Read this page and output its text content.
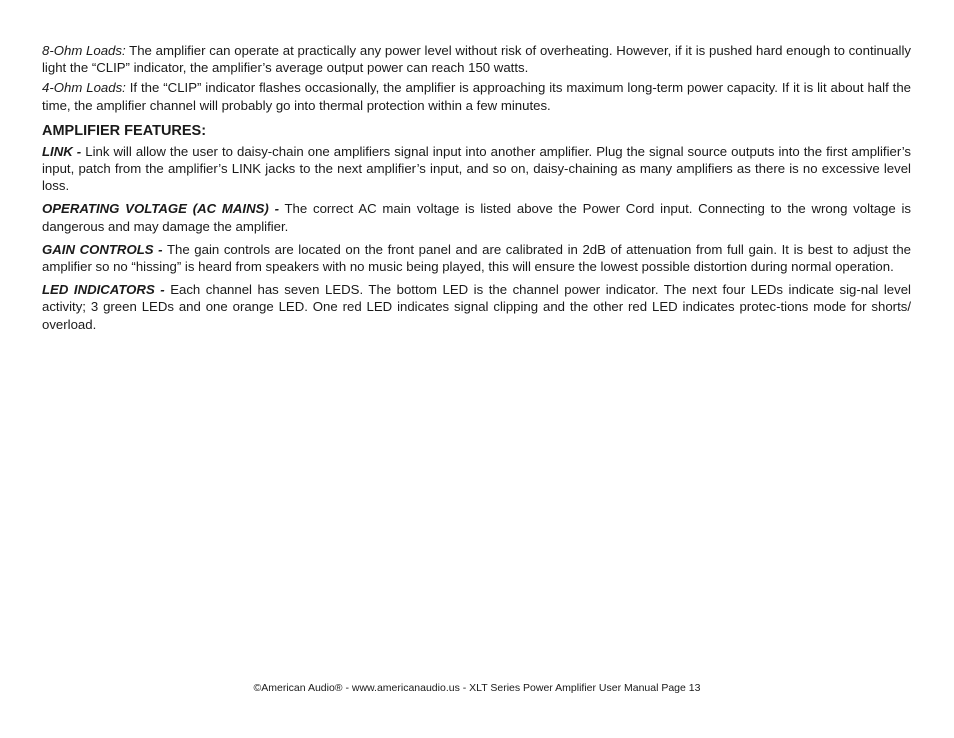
8-Ohm Loads: The amplifier can operate at practically any power level without risk of overheating. However, if it is pushed hard enough to continually light the “CLIP” indicator, the amplifier’s average output power can reach 150 watts.

4-Ohm Loads: If the “CLIP” indicator flashes occasionally, the amplifier is approaching its maximum long-term power capacity. If it is lit about half the time, the amplifier channel will probably go into thermal protection within a few minutes.

AMPLIFIER FEATURES:

LINK - Link will allow the user to daisy-chain one amplifiers signal input into another amplifier. Plug the signal source outputs into the first amplifier’s input, patch from the amplifier’s LINK jacks to the next amplifier’s input, and so on, daisy-chaining as many amplifiers as there is no excessive level loss.

OPERATING VOLTAGE (AC MAINS) - The correct AC main voltage is listed above the Power Cord input. Connecting to the wrong voltage is dangerous and may damage the amplifier.

GAIN CONTROLS - The gain controls are located on the front panel and are calibrated in 2dB of attenuation from full gain. It is best to adjust the amplifier so no “hissing” is heard from speakers with no music being played, this will ensure the lowest possible distortion during normal operation.

LED INDICATORS - Each channel has seven LEDS. The bottom LED is the channel power indicator. The next four LEDs indicate sig-nal level activity; 3 green LEDs and one orange LED. One red LED indicates signal clipping and the other red LED indicates protec-tions mode for shorts/ overload.

©American Audio® - www.americanaudio.us - XLT Series Power Amplifier User Manual Page 13
